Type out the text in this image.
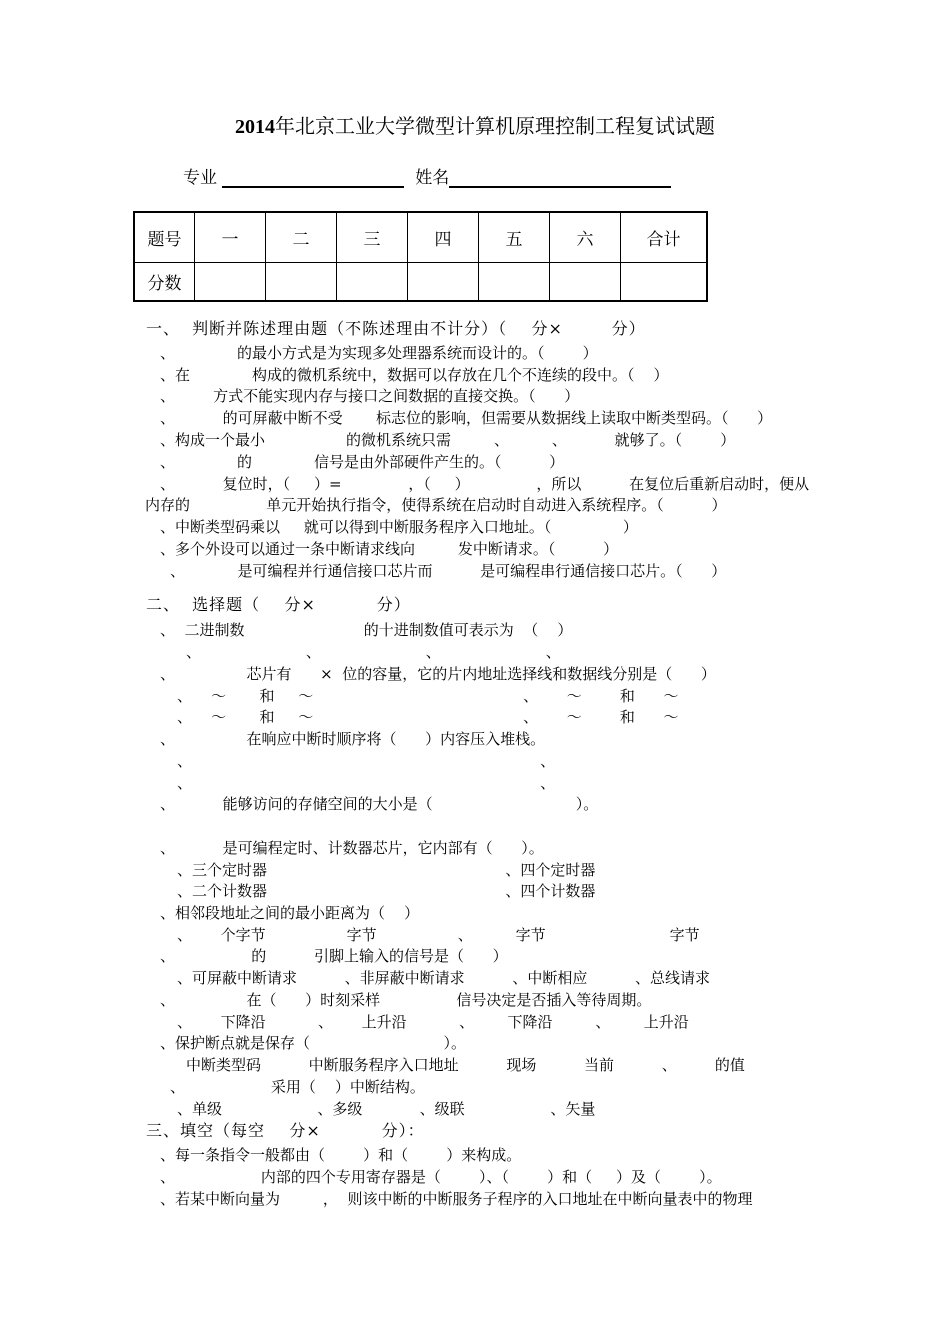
2014年北京工业大学微型计算机原理控制工程复试试题
专业	姓名
题号	一	二	三	四	五	六	合计
分数							
一、  判断并陈述理由题（不陈述理由不计分）（    分×        分）
、             的最小方式是为实现多处理器系统而设计的。（        ）
、在             构成的微机系统中，数据可以存放在几个不连续的段中。（    ）
、        方式不能实现内存与接口之间数据的直接交换。（      ）
、          的可屏蔽中断不受       标志位的影响，但需要从数据线上读取中断类型码。（      ）
、构成一个最小                 的微机系统只需         、         、          就够了。（        ）
、             的             信号是由外部硬件产生的。（          ）
、          复位时，（     ）=              ，（     ）              ，所以          在复位后重新启动时，便从
内存的                单元开始执行指令，使得系统在启动时自动进入系统程序。（          ）
、中断类型码乘以     就可以得到中断服务程序入口地址。（               ）
、多个外设可以通过一条中断请求线向         发中断请求。（          ）
、           是可编程并行通信接口芯片而          是可编程串行通信接口芯片。（      ）
二、  选择题（    分×          分）
、  二进制数                         的十进制数值可表示为  （    ）
、                      、                      、                      、
、               芯片有      ×  位的容量，它的片内地址选择线和数据线分别是（      ）
、    ～       和     ～                                            、      ～        和      ～
、    ～       和     ～                                            、      ～        和      ～
、               在响应中断时顺序将（      ）内容压入堆栈。
、                                                                         、
、                                                                         、
、          能够访问的存储空间的大小是（                              ）。
、          是可编程定时、计数器芯片，它内部有（      ）。
、三个定时器                                                  、四个定时器
、二个计数器                                                  、四个计数器
、相邻段地址之间的最小距离为（    ）
、      个字节                 字节                 、         字节                          字节
、                的          引脚上输入的信号是（      ）
、可屏蔽中断请求          、非屏蔽中断请求          、中断相应          、总线请求
、               在（      ）时刻采样                信号决定是否插入等待周期。
、      下降沿           、      上升沿           、       下降沿         、       上升沿
、保护断点就是保存（                            ）。
中断类型码          中断服务程序入口地址          现场          当前          、        的值
、                  采用（    ）中断结构。
、单级                    、多级            、级联                  、矢量
三、填空（每空    分×          分）：
、每一条指令一般都由（        ）和（        ）来构成。
、                  内部的四个专用寄存器是（        ）、（        ）和（     ）及（        ）。
、若某中断向量为         ，  则该中断的中断服务子程序的入口地址在中断向量表中的物理
